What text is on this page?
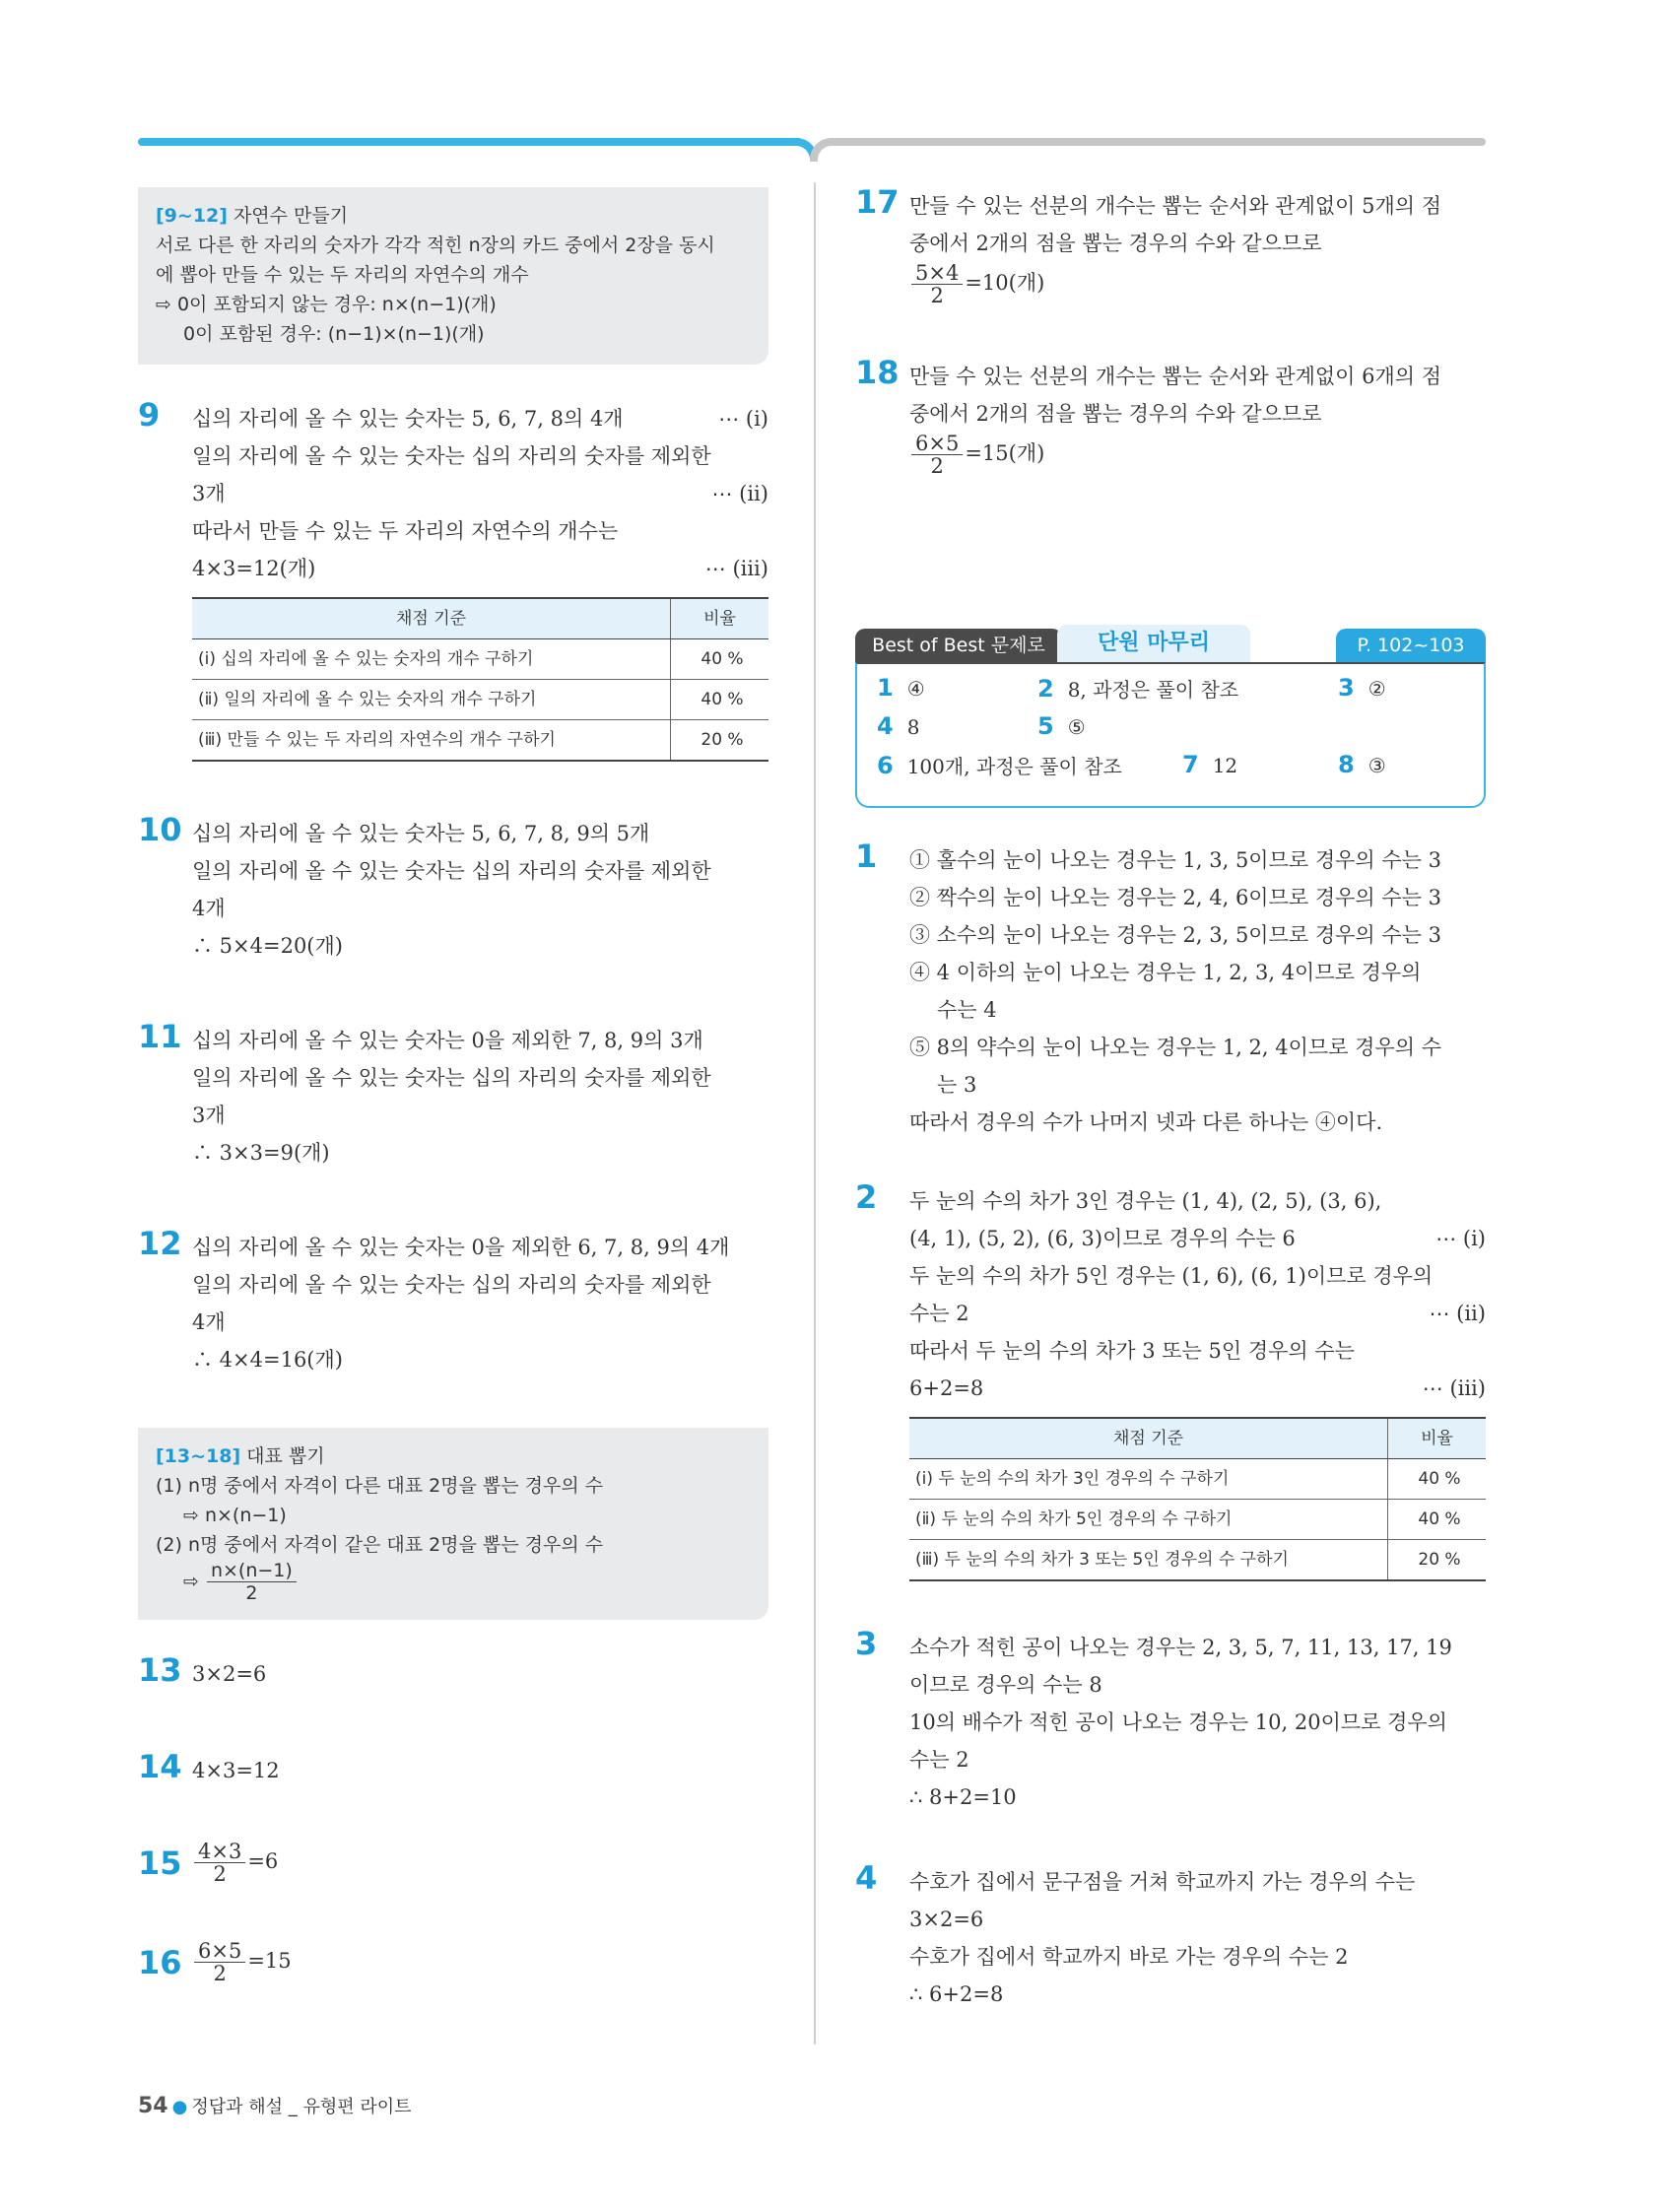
[9~12] 자연수 만들기
서로 다른 한 자리의 숫자가 각각 적힌 n장의 카드 중에서 2장을 동시
에 뽑아 만들 수 있는 두 자리의 자연수의 개수
⇨ 0이 포함되지 않는 경우: n×(n−1)(개)
0이 포함된 경우: (n−1)×(n−1)(개)
9 십의 자리에 올 수 있는 숫자는 5, 6, 7, 8의 4개	⋯ (ⅰ)
일의 자리에 올 수 있는 숫자는 십의 자리의 숫자를 제외한
3개	⋯ (ⅱ)
따라서 만들 수 있는 두 자리의 자연수의 개수는
4×3=12(개)	⋯ (ⅲ)
채점 기준	비율
(ⅰ) 십의 자리에 올 수 있는 숫자의 개수 구하기	40 %
(ⅱ) 일의 자리에 올 수 있는 숫자의 개수 구하기	40 %
(ⅲ) 만들 수 있는 두 자리의 자연수의 개수 구하기	20 %
10 십의 자리에 올 수 있는 숫자는 5, 6, 7, 8, 9의 5개
일의 자리에 올 수 있는 숫자는 십의 자리의 숫자를 제외한
4개
∴ 5×4=20(개)
11 십의 자리에 올 수 있는 숫자는 0을 제외한 7, 8, 9의 3개
일의 자리에 올 수 있는 숫자는 십의 자리의 숫자를 제외한
3개
∴ 3×3=9(개)
12 십의 자리에 올 수 있는 숫자는 0을 제외한 6, 7, 8, 9의 4개
일의 자리에 올 수 있는 숫자는 십의 자리의 숫자를 제외한
4개
∴ 4×4=16(개)
[13~18] 대표 뽑기
(1) n명 중에서 자격이 다른 대표 2명을 뽑는 경우의 수
⇨ n×(n−1)
(2) n명 중에서 자격이 같은 대표 2명을 뽑는 경우의 수
⇨ $\frac{n\times(n-1)}{2}$
13 3×2=6
14 4×3=12
$15 \frac{4\times 3}{2} =6$
$16 \frac{6\times 5}{2} =15$
17 만들 수 있는 선분의 개수는 뽑는 순서와 관계없이 5개의 점
중에서 2개의 점을 뽑는 경우의 수와 같으므로
$\frac{5\times 4}{2} =10$(개)
18 만들 수 있는 선분의 개수는 뽑는 순서와 관계없이 6개의 점
중에서 2개의 점을 뽑는 경우의 수와 같으므로
$\frac{6\times 5}{2} =15$(개)
Best of Best 문제로	단원 마무리	P. 102~103
1 ④	2 8, 과정은 풀이 참조	3 ②
4 8	5 ⑤
6 100개, 과정은 풀이 참조	7 12	8 ③
1 ① 홀수의 눈이 나오는 경우는 1, 3, 5이므로 경우의 수는 3
② 짝수의 눈이 나오는 경우는 2, 4, 6이므로 경우의 수는 3
③ 소수의 눈이 나오는 경우는 2, 3, 5이므로 경우의 수는 3
④ 4 이하의 눈이 나오는 경우는 1, 2, 3, 4이므로 경우의
수는 4
⑤ 8의 약수의 눈이 나오는 경우는 1, 2, 4이므로 경우의 수
는 3
따라서 경우의 수가 나머지 넷과 다른 하나는 ④이다.
2 두 눈의 수의 차가 3인 경우는 (1, 4), (2, 5), (3, 6),
(4, 1), (5, 2), (6, 3)이므로 경우의 수는 6	⋯ (ⅰ)
두 눈의 수의 차가 5인 경우는 (1, 6), (6, 1)이므로 경우의
수는 2	⋯ (ⅱ)
따라서 두 눈의 수의 차가 3 또는 5인 경우의 수는
6+2=8	⋯ (ⅲ)
채점 기준	비율
(ⅰ) 두 눈의 수의 차가 3인 경우의 수 구하기	40 %
(ⅱ) 두 눈의 수의 차가 5인 경우의 수 구하기	40 %
(ⅲ) 두 눈의 수의 차가 3 또는 5인 경우의 수 구하기	20 %
3 소수가 적힌 공이 나오는 경우는 2, 3, 5, 7, 11, 13, 17, 19
이므로 경우의 수는 8
10의 배수가 적힌 공이 나오는 경우는 10, 20이므로 경우의
수는 2
∴ 8+2=10
4 수호가 집에서 문구점을 거쳐 학교까지 가는 경우의 수는
3×2=6
수호가 집에서 학교까지 바로 가는 경우의 수는 2
∴ 6+2=8
54 ● 정답과 해설 _ 유형편 라이트
